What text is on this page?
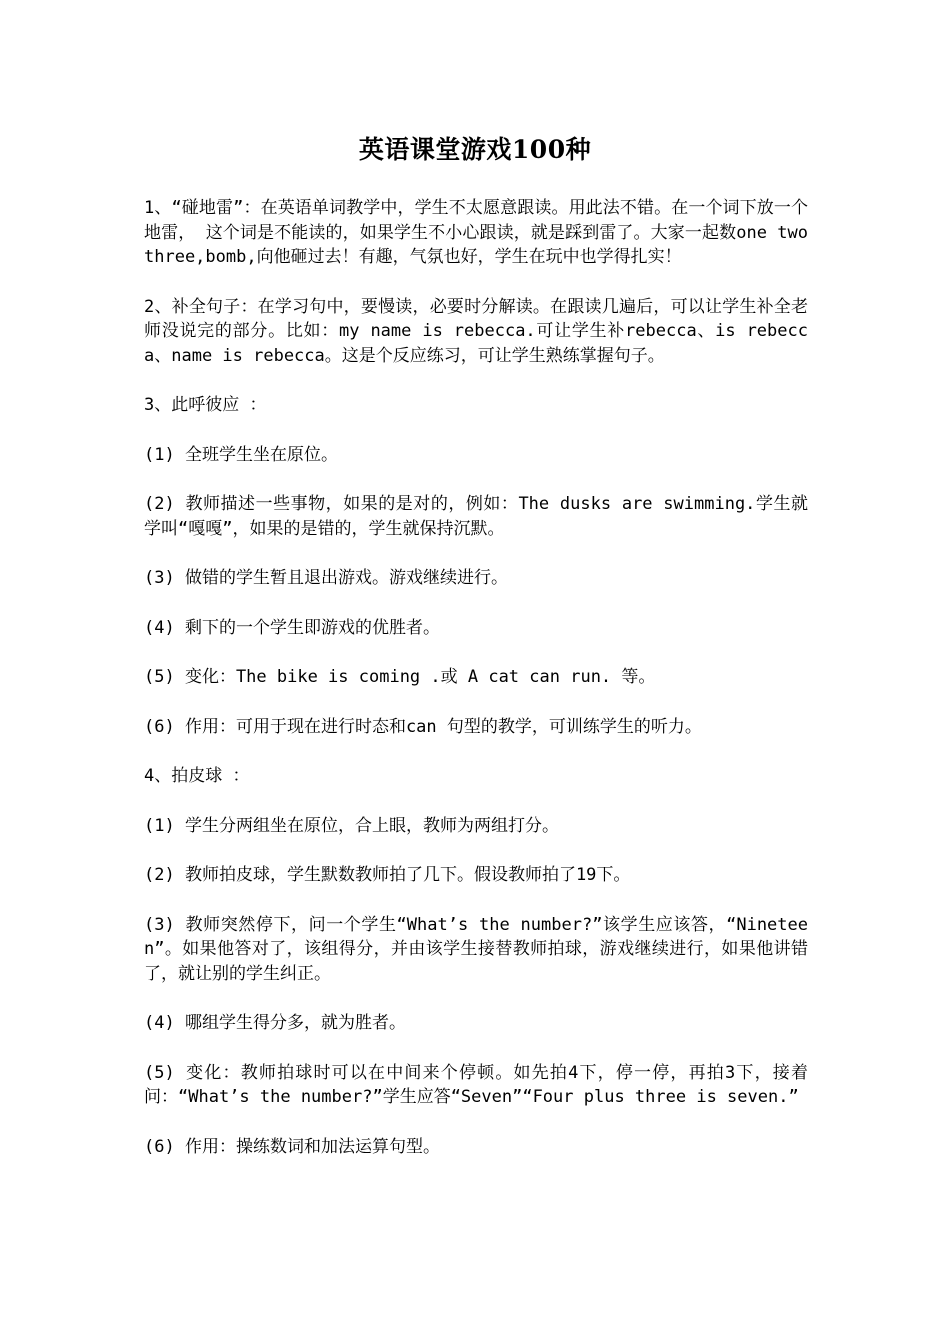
英语课堂游戏100种

1、“碰地雷”：在英语单词教学中，学生不太愿意跟读。用此法不错。在一个词下放一个地雷， 这个词是不能读的，如果学生不小心跟读，就是踩到雷了。大家一起数one two three,bomb,向他砸过去！有趣，气氛也好，学生在玩中也学得扎实！

2、补全句子：在学习句中，要慢读，必要时分解读。在跟读几遍后，可以让学生补全老师没说完的部分。比如：my name is rebecca.可让学生补rebecca、is rebecca、name is rebecca。这是个反应练习，可让学生熟练掌握句子。

3、此呼彼应 ：

(1) 全班学生坐在原位。

(2) 教师描述一些事物，如果的是对的，例如：The dusks are swimming.学生就学叫“嘎嘎”，如果的是错的，学生就保持沉默。

(3) 做错的学生暂且退出游戏。游戏继续进行。

(4) 剩下的一个学生即游戏的优胜者。

(5) 变化：The bike is coming .或 A cat can run. 等。

(6) 作用：可用于现在进行时态和can 句型的教学，可训练学生的听力。

4、拍皮球 ：

(1) 学生分两组坐在原位，合上眼，教师为两组打分。

(2) 教师拍皮球，学生默数教师拍了几下。假设教师拍了19下。

(3) 教师突然停下，问一个学生“What’s the number?”该学生应该答，“Nineteen”。如果他答对了，该组得分，并由该学生接替教师拍球，游戏继续进行，如果他讲错了，就让别的学生纠正。

(4) 哪组学生得分多，就为胜者。

(5) 变化：教师拍球时可以在中间来个停顿。如先拍4下，停一停，再拍3下，接着问：“What’s the number?”学生应答“Seven”“Four plus three is seven.”

(6) 作用：操练数词和加法运算句型。
